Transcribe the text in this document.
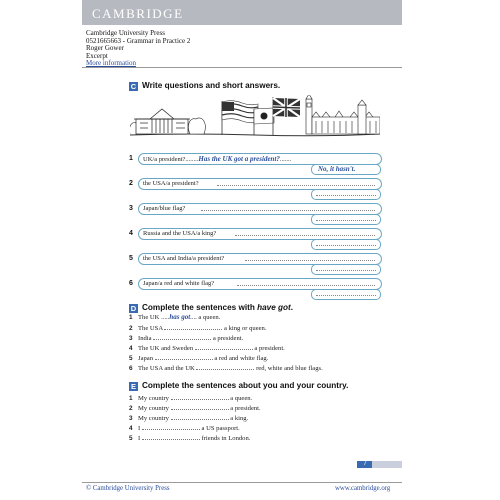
CAMBRIDGE
Cambridge University Press
0521665663 - Grammar in Practice 2
Roger Gower
Excerpt
More information
C Write questions and short answers.
1 UK/a president?........Has the UK got a president?.......
No, it hasn't.
2 the USA/a president?
3 Japan/blue flag?
4 Russia and the USA/a king?
5 the USA and India/a president?
6 Japan/a red and white flag?
D Complete the sentences with have got.
1 The UK .....has got.... a queen.
2 The USA	a king or queen.
3 India	a president.
4 The UK and Sweden	a president.
5 Japan	a red and white flag.
6 The USA and the UK	red, white and blue flags.
E Complete the sentences about you and your country.
1 My country	a queen.
2 My country	a president.
3 My country	a king.
4 I	a US passport.
5 I	friends in London.
7
© Cambridge University Press	www.cambridge.org
